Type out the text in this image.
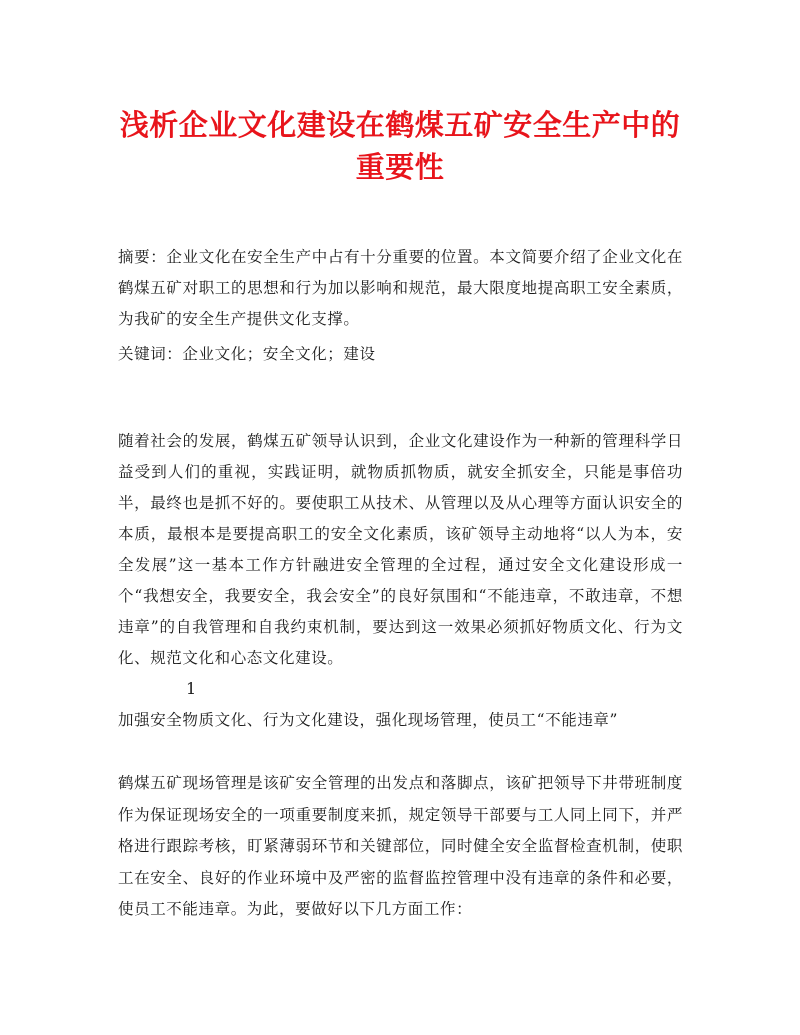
浅析企业文化建设在鹤煤五矿安全生产中的
重要性

摘要：企业文化在安全生产中占有十分重要的位置。本文简要介绍了企业文化在鹤煤五矿对职工的思想和行为加以影响和规范，最大限度地提高职工安全素质，为我矿的安全生产提供文化支撑。

关键词：企业文化；安全文化；建设

随着社会的发展，鹤煤五矿领导认识到，企业文化建设作为一种新的管理科学日益受到人们的重视，实践证明，就物质抓物质，就安全抓安全，只能是事倍功半，最终也是抓不好的。要使职工从技术、从管理以及从心理等方面认识安全的本质，最根本是要提高职工的安全文化素质，该矿领导主动地将“以人为本，安全发展”这一基本工作方针融进安全管理的全过程，通过安全文化建设形成一个“我想安全，我要安全，我会安全”的良好氛围和“不能违章，不敢违章，不想违章”的自我管理和自我约束机制，要达到这一效果必须抓好物质文化、行为文化、规范文化和心态文化建设。

1

加强安全物质文化、行为文化建设，强化现场管理，使员工“不能违章”

鹤煤五矿现场管理是该矿安全管理的出发点和落脚点，该矿把领导下井带班制度作为保证现场安全的一项重要制度来抓，规定领导干部要与工人同上同下，并严格进行跟踪考核，盯紧薄弱环节和关键部位，同时健全安全监督检查机制，使职工在安全、良好的作业环境中及严密的监督监控管理中没有违章的条件和必要，使员工不能违章。为此，要做好以下几方面工作：
